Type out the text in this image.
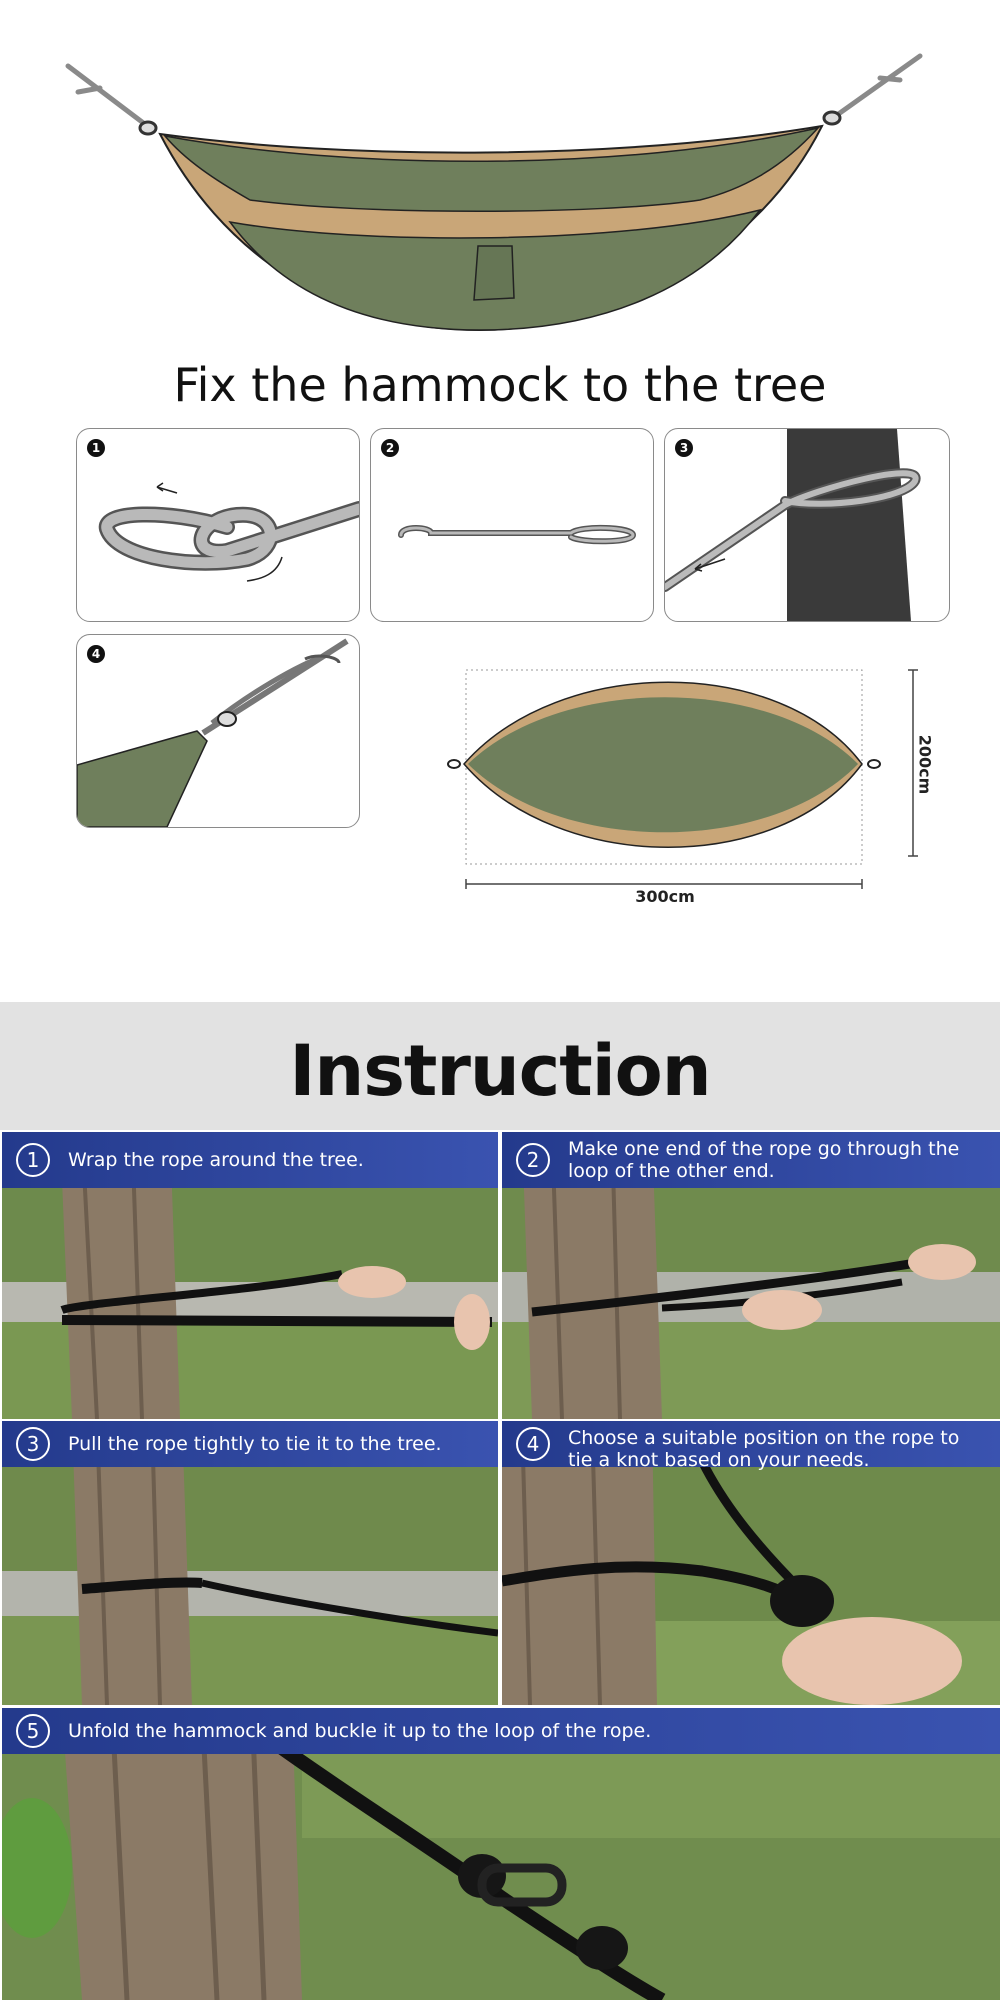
Fix the hammock to the tree
1	2	3
4
300cm
200cm
Instruction
1	Wrap the rope around the tree.	2	Make one end of the rope go through the loop of the other end.
3	Pull the rope tightly to tie it to the tree.	4	Choose a suitable position on the rope to tie a knot based on your needs.
5	Unfold the hammock and buckle it up to the loop of the rope.
